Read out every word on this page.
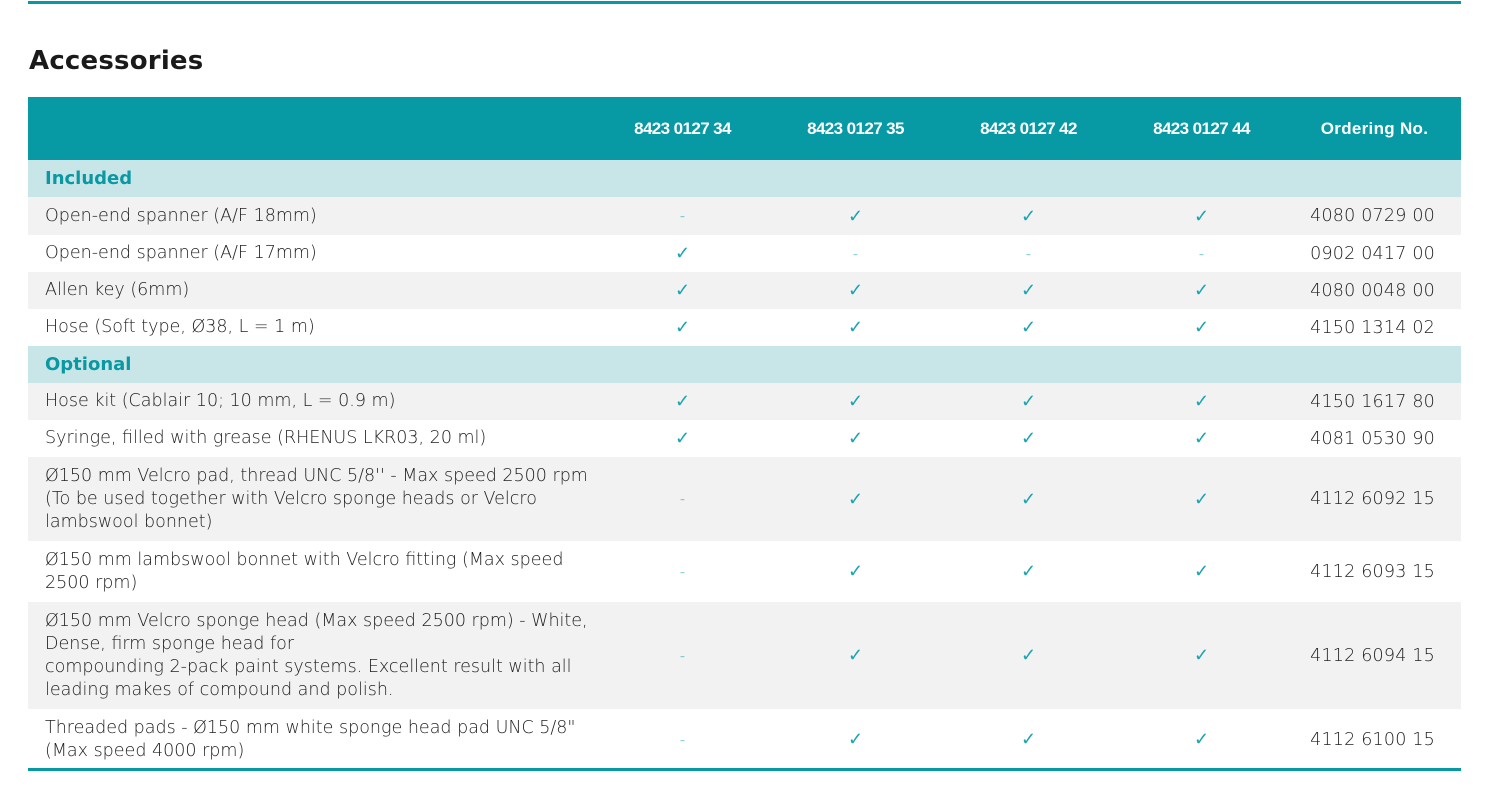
Accessories
	8423 0127 34	8423 0127 35	8423 0127 42	8423 0127 44	Ordering No.
Included					
Open-end spanner (A/F 18mm)	-	✓	✓	✓	4080 0729 00
Open-end spanner (A/F 17mm)	✓	-	-	-	0902 0417 00
Allen key (6mm)	✓	✓	✓	✓	4080 0048 00
Hose (Soft type, Ø38, L = 1 m)	✓	✓	✓	✓	4150 1314 02
Optional					
Hose kit (Cablair 10; 10 mm, L = 0.9 m)	✓	✓	✓	✓	4150 1617 80
Syringe, filled with grease (RHENUS LKR03, 20 ml)	✓	✓	✓	✓	4081 0530 90
Ø150 mm Velcro pad, thread UNC 5/8'' - Max speed 2500 rpm (To be used together with Velcro sponge heads or Velcro lambswool bonnet)	-	✓	✓	✓	4112 6092 15
Ø150 mm lambswool bonnet with Velcro fitting (Max speed 2500 rpm)	-	✓	✓	✓	4112 6093 15
Ø150 mm Velcro sponge head (Max speed 2500 rpm) - White, Dense, firm sponge head for
compounding 2-pack paint systems. Excellent result with all leading makes of compound and polish.	-	✓	✓	✓	4112 6094 15
Threaded pads - Ø150 mm white sponge head pad UNC 5/8" (Max speed 4000 rpm)	-	✓	✓	✓	4112 6100 15
